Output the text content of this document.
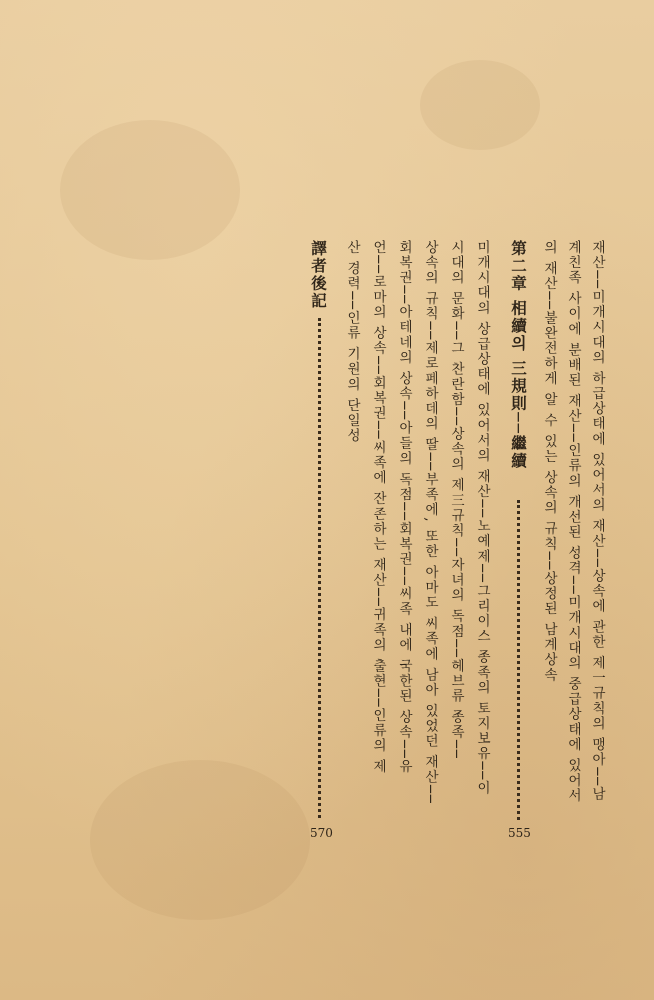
재산──미개시대의 하급상태에 있어서의 재산──상속에 관한 제一규칙의 맹아──남
계친족 사이에 분배된 재산──인류의 개선된 성격──미개시대의 중급상태에 있어서
의 재산──불완전하게 알 수 있는 상속의 규칙──상정된 남계상속
第二章 相續의 三規則──繼續
555
미개시대의 상급상태에 있어서의 재산──노예제──그리이스 종족의 토지보유──이
시대의 문화──그 찬란함──상속의 제三규칙──자녀의 독점──헤브류 종족──
상속의 규칙──제로페하데의 딸──부족에, 또한 아마도 씨족에 남아 있었던 재산──
회복권──아테네의 상속──아들의 독점──회복권──씨족 내에 국한된 상속──유
언──로마의 상속──회복권──씨족에 잔존하는 재산──귀족의 출현──인류의 제
산 경력──인류 기원의 단일성
譯者後記
570
